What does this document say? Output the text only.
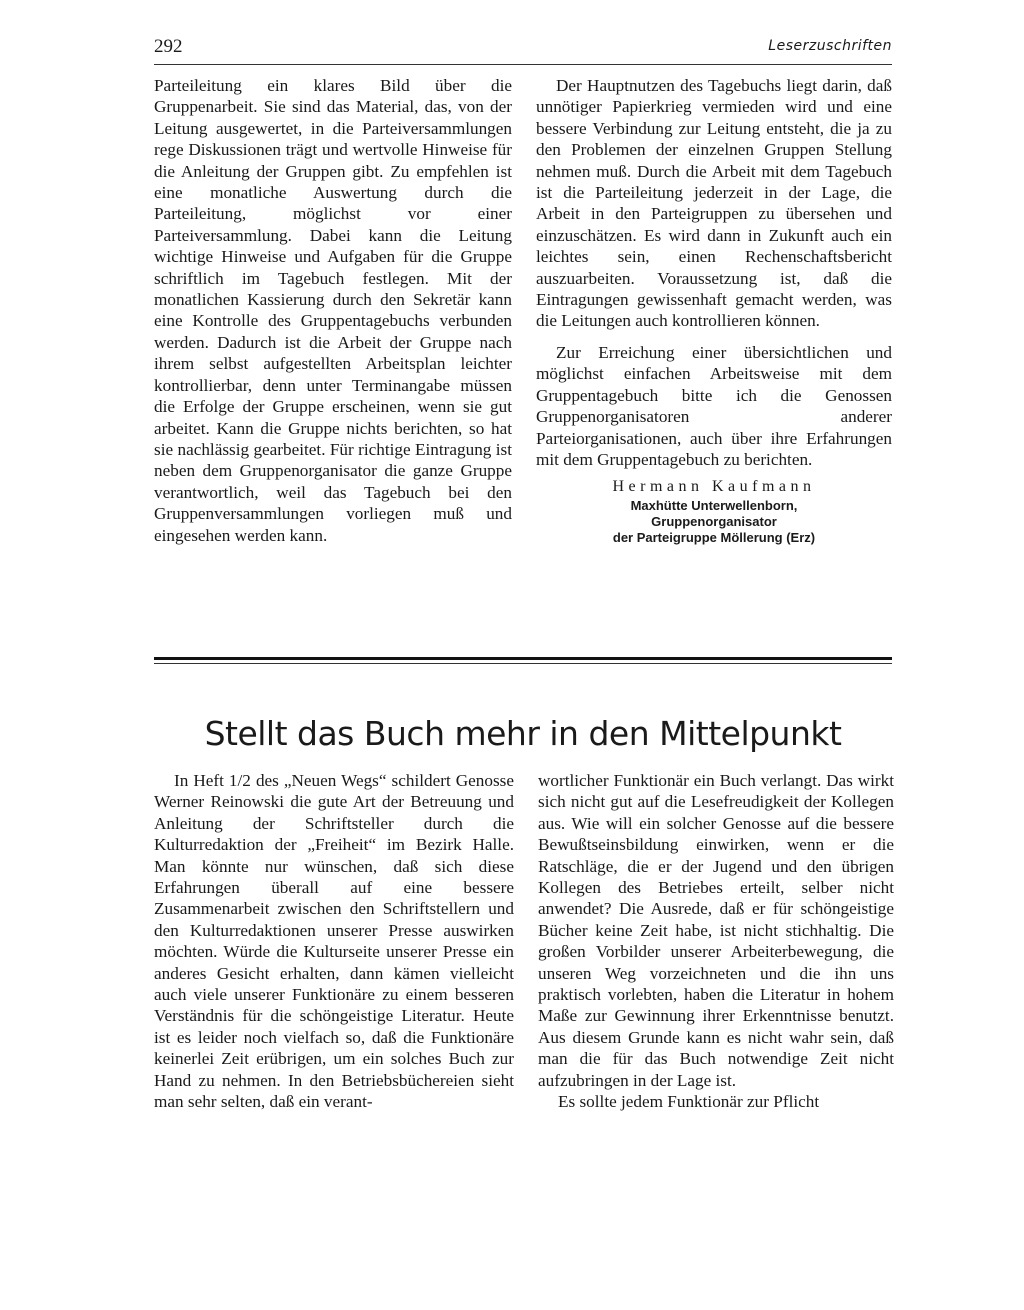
292	Leserzuschriften

Parteileitung ein klares Bild über die Gruppenarbeit. Sie sind das Material, das, von der Leitung ausgewertet, in die Parteiversammlungen rege Diskussionen trägt und wertvolle Hinweise für die Anleitung der Gruppen gibt. Zu empfehlen ist eine monatliche Auswertung durch die Parteileitung, möglichst vor einer Parteiversammlung. Dabei kann die Leitung wichtige Hinweise und Aufgaben für die Gruppe schriftlich im Tagebuch festlegen. Mit der monatlichen Kassierung durch den Sekretär kann eine Kontrolle des Gruppentagebuchs verbunden werden. Dadurch ist die Arbeit der Gruppe nach ihrem selbst aufgestellten Arbeitsplan leichter kontrollierbar, denn unter Terminangabe müssen die Erfolge der Gruppe erscheinen, wenn sie gut arbeitet. Kann die Gruppe nichts berichten, so hat sie nachlässig gearbeitet. Für richtige Eintragung ist neben dem Gruppenorganisator die ganze Gruppe verantwortlich, weil das Tagebuch bei den Gruppenversammlungen vorliegen muß und eingesehen werden kann.

Der Hauptnutzen des Tagebuchs liegt darin, daß unnötiger Papierkrieg vermieden wird und eine bessere Verbindung zur Leitung entsteht, die ja zu den Problemen der einzelnen Gruppen Stellung nehmen muß. Durch die Arbeit mit dem Tagebuch ist die Parteileitung jederzeit in der Lage, die Arbeit in den Parteigruppen zu übersehen und einzuschätzen. Es wird dann in Zukunft auch ein leichtes sein, einen Rechenschaftsbericht auszuarbeiten. Voraussetzung ist, daß die Eintragungen gewissenhaft gemacht werden, was die Leitungen auch kontrollieren können.

Zur Erreichung einer übersichtlichen und möglichst einfachen Arbeitsweise mit dem Gruppentagebuch bitte ich die Genossen Gruppenorganisatoren anderer Parteiorganisationen, auch über ihre Erfahrungen mit dem Gruppentagebuch zu berichten.

Hermann Kaufmann
Maxhütte Unterwellenborn,
Gruppenorganisator
der Parteigruppe Möllerung (Erz)
Stellt das Buch mehr in den Mittelpunkt

In Heft 1/2 des „Neuen Wegs“ schildert Genosse Werner Reinowski die gute Art der Betreuung und Anleitung der Schriftsteller durch die Kulturredaktion der „Freiheit“ im Bezirk Halle. Man könnte nur wünschen, daß sich diese Erfahrungen überall auf eine bessere Zusammenarbeit zwischen den Schriftstellern und den Kulturredaktionen unserer Presse auswirken möchten. Würde die Kulturseite unserer Presse ein anderes Gesicht erhalten, dann kämen vielleicht auch viele unserer Funktionäre zu einem besseren Verständnis für die schöngeistige Literatur. Heute ist es leider noch vielfach so, daß die Funktionäre keinerlei Zeit erübrigen, um ein solches Buch zur Hand zu nehmen. In den Betriebsbüchereien sieht man sehr selten, daß ein verant-

wortlicher Funktionär ein Buch verlangt. Das wirkt sich nicht gut auf die Lesefreudigkeit der Kollegen aus. Wie will ein solcher Genosse auf die bessere Bewußtseinsbildung einwirken, wenn er die Ratschläge, die er der Jugend und den übrigen Kollegen des Betriebes erteilt, selber nicht anwendet? Die Ausrede, daß er für schöngeistige Bücher keine Zeit habe, ist nicht stichhaltig. Die großen Vorbilder unserer Arbeiterbewegung, die unseren Weg vorzeichneten und die ihn uns praktisch vorlebten, haben die Literatur in hohem Maße zur Gewinnung ihrer Erkenntnisse benutzt. Aus diesem Grunde kann es nicht wahr sein, daß man die für das Buch notwendige Zeit nicht aufzubringen in der Lage ist.

Es sollte jedem Funktionär zur Pflicht
